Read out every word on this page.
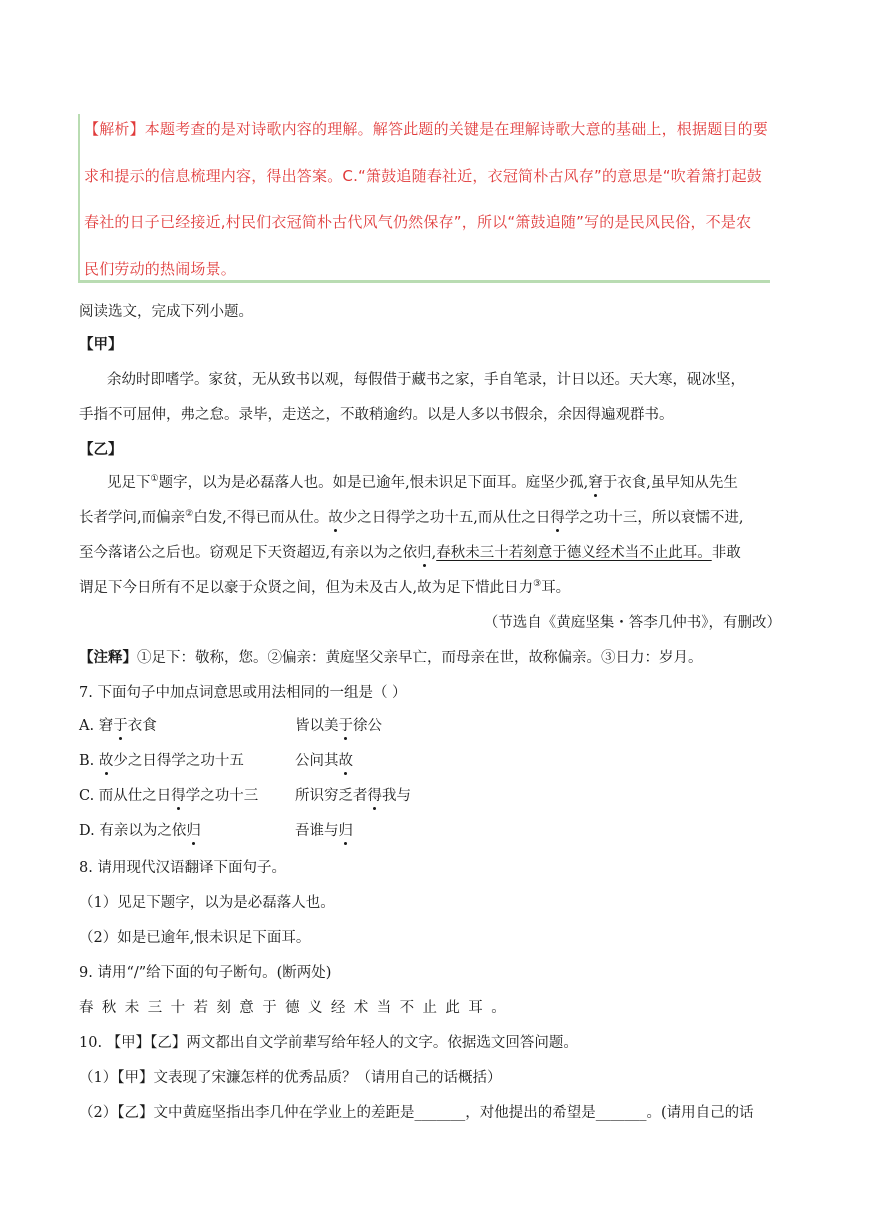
【解析】本题考查的是对诗歌内容的理解。解答此题的关键是在理解诗歌大意的基础上，根据题目的要

求和提示的信息梳理内容，得出答案。C.“箫鼓追随春社近，衣冠简朴古风存”的意思是“吹着箫打起鼓

春社的日子已经接近,村民们衣冠简朴古代风气仍然保存”，所以“箫鼓追随”写的是民风民俗，不是农

民们劳动的热闹场景。

阅读选文，完成下列小题。
【甲】
余幼时即嗜学。家贫，无从致书以观，每假借于藏书之家，手自笔录，计日以还。天大寒，砚冰坚，
手指不可屈伸，弗之怠。录毕，走送之，不敢稍逾约。以是人多以书假余，余因得遍观群书。
【乙】
见足下①题字，以为是必磊落人也。如是已逾年,恨未识足下面耳。庭坚少孤,窘于衣食,虽早知从先生
长者学问,而偏亲②白发,不得已而从仕。故少之日得学之功十五,而从仕之日得学之功十三，所以衰懦不进,
至今落诸公之后也。窃观足下天资超迈,有亲以为之依归,春秋未三十若刻意于德义经术当不止此耳。非敢
谓足下今日所有不足以豪于众贤之间，但为未及古人,故为足下惜此日力③耳。
（节选自《黄庭坚集・答李几仲书》，有删改）
【注释】①足下：敬称，您。②偏亲：黄庭坚父亲早亡，而母亲在世，故称偏亲。③日力：岁月。
7. 下面句子中加点词意思或用法相同的一组是（ ）
A. 窘于衣食	皆以美于徐公
B. 故少之日得学之功十五	公问其故
C. 而从仕之日得学之功十三	所识穷乏者得我与
D. 有亲以为之依归	吾谁与归
8. 请用现代汉语翻译下面句子。
（1）见足下题字，以为是必磊落人也。
（2）如是已逾年,恨未识足下面耳。
9. 请用“/”给下面的句子断句。(断两处)
春秋未三十若刻意于德义经术当不止此耳。
10. 【甲】【乙】两文都出自文学前辈写给年轻人的文字。依据选文回答问题。
（1）【甲】文表现了宋濂怎样的优秀品质？（请用自己的话概括）
（2）【乙】文中黄庭坚指出李几仲在学业上的差距是_______，对他提出的希望是_______。(请用自己的话
